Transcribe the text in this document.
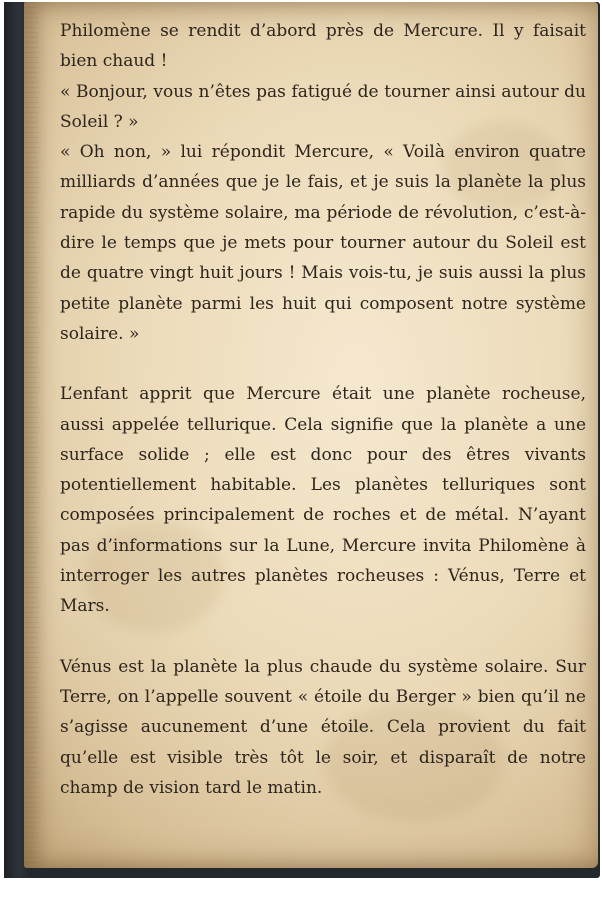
Philomène se rendit d’abord près de Mercure. Il y faisait bien chaud !

« Bonjour, vous n’êtes pas fatigué de tourner ainsi autour du Soleil ? »

« Oh non, » lui répondit Mercure, « Voilà environ quatre milliards d’années que je le fais, et je suis la planète la plus rapide du système solaire, ma période de révolution, c’est-à-dire le temps que je mets pour tourner autour du Soleil est de quatre vingt huit jours ! Mais vois-tu, je suis aussi la plus petite planète parmi les huit qui composent notre système solaire. »

L’enfant apprit que Mercure était une planète rocheuse, aussi appelée tellurique. Cela signifie que la planète a une surface solide ; elle est donc pour des êtres vivants potentiellement habitable. Les planètes telluriques sont composées principalement de roches et de métal. N’ayant pas d’informations sur la Lune, Mercure invita Philomène à interroger les autres planètes rocheuses : Vénus, Terre et Mars.

Vénus est la planète la plus chaude du système solaire. Sur Terre, on l’appelle souvent « étoile du Berger » bien qu’il ne s’agisse aucunement d’une étoile. Cela provient du fait qu’elle est visible très tôt le soir, et disparaît de notre champ de vision tard le matin.
